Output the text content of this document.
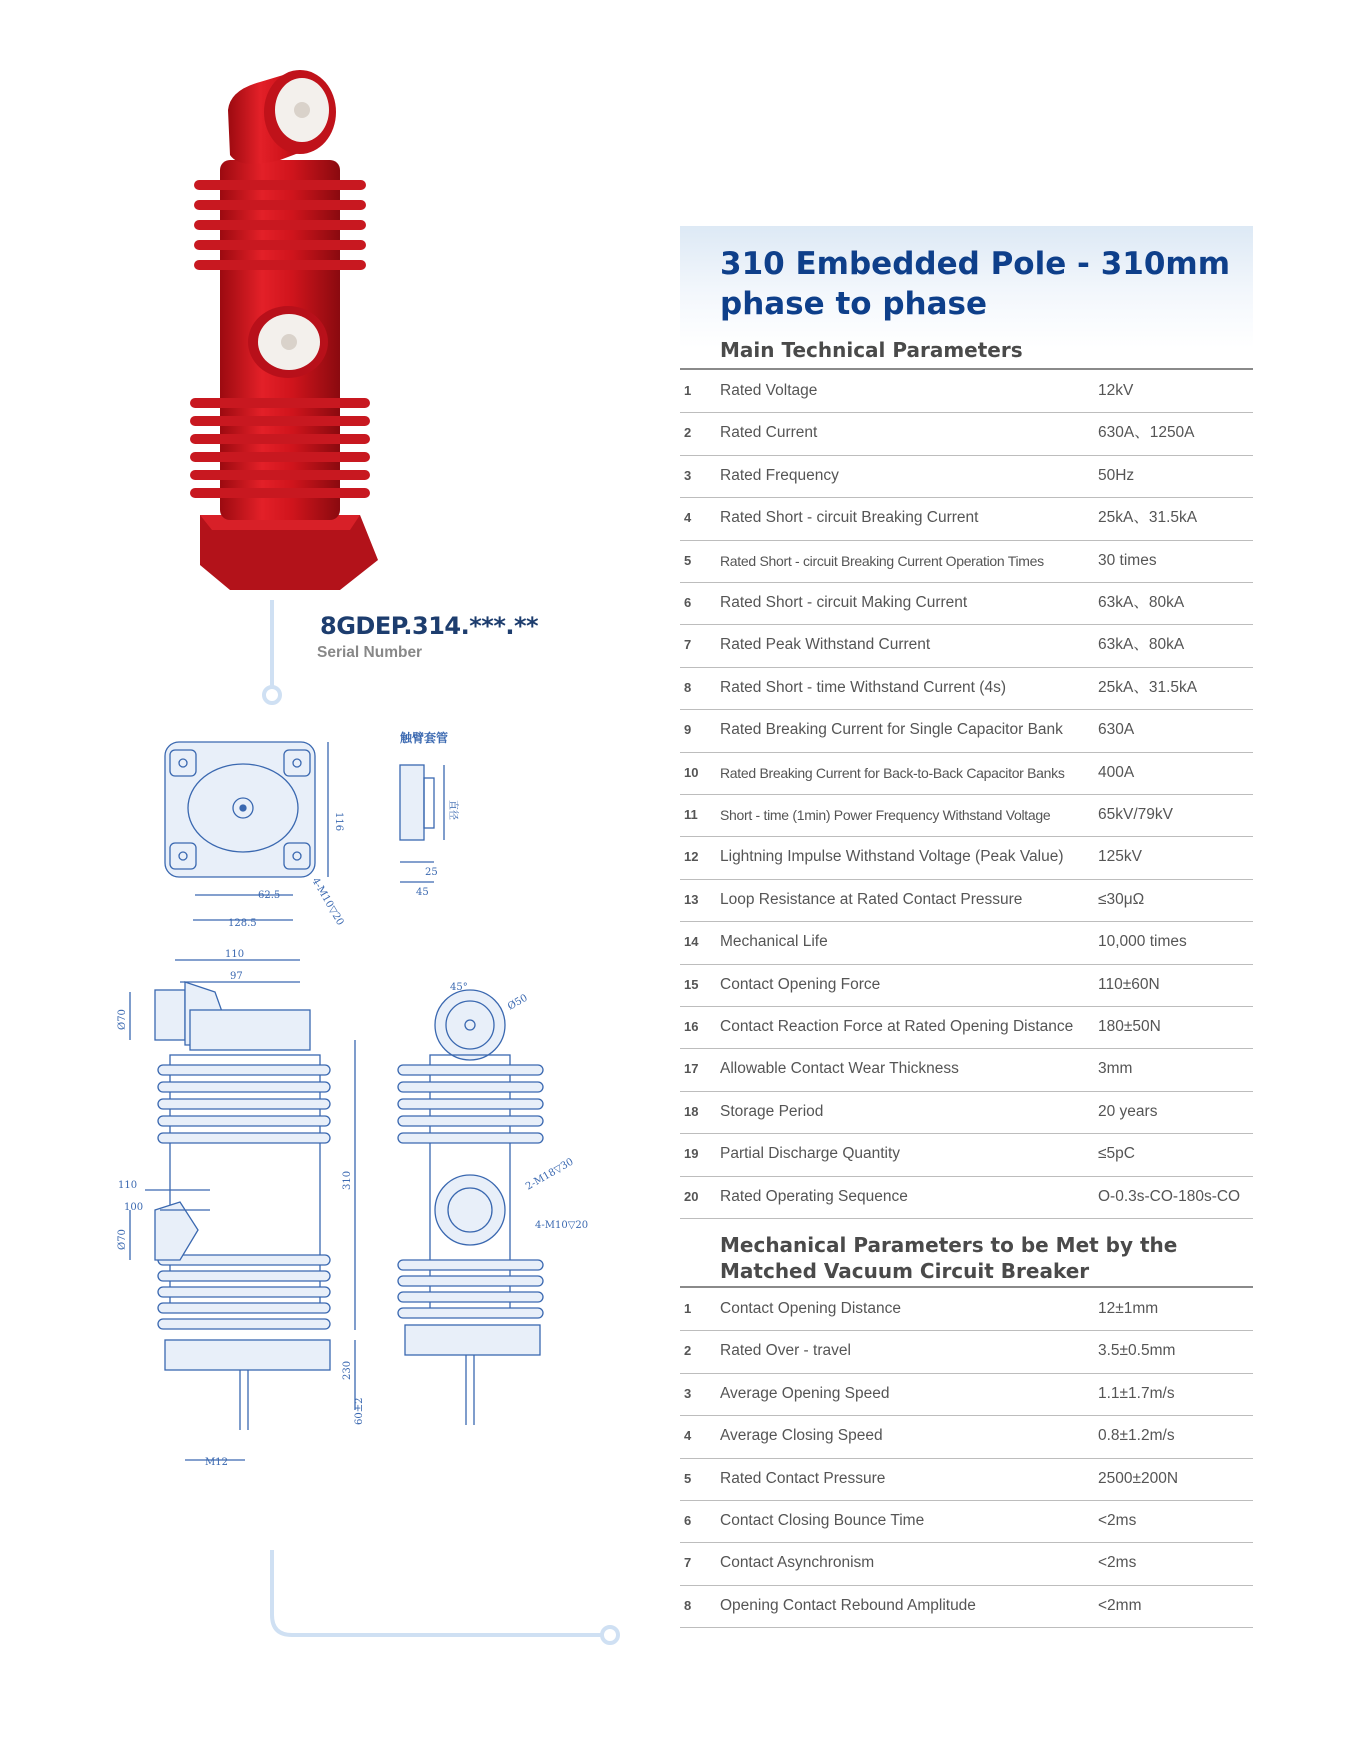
8GDEP.314.***.**
Serial Number
116
62.5
128.5	4-M10▽20
触臂套管
直径
25
45
110
97
Ø70
110
100
Ø70
310
230
60±2
M12
45°
Ø50
2-M18▽30
4-M10▽20
310 Embedded Pole - 310mm phase to phase
Main Technical Parameters
1 Rated Voltage	12kV
2 Rated Current	630A、1250A
3 Rated Frequency	50Hz
4 Rated Short - circuit Breaking Current	25kA、31.5kA
5 Rated Short - circuit Breaking Current Operation Times	30 times
6 Rated Short - circuit Making Current	63kA、80kA
7 Rated Peak Withstand Current	63kA、80kA
8 Rated Short - time Withstand Current (4s)	25kA、31.5kA
9 Rated Breaking Current for Single Capacitor Bank 630A
10 Rated Breaking Current for Back-to-Back Capacitor Banks 400A
11 Short - time (1min) Power Frequency Withstand Voltage	65kV/79kV
12 Lightning Impulse Withstand Voltage (Peak Value) 125kV
13 Loop Resistance at Rated Contact Pressure	≤30μΩ
14 Mechanical Life	10,000 times
15 Contact Opening Force	110±60N
16 Contact Reaction Force at Rated Opening Distance 180±50N
17 Allowable Contact Wear Thickness	3mm
18 Storage Period	20 years
19 Partial Discharge Quantity	≤5pC
20 Rated Operating Sequence	O-0.3s-CO-180s-CO
Mechanical Parameters to be Met by the Matched Vacuum Circuit Breaker
1 Contact Opening Distance	12±1mm
2 Rated Over - travel	3.5±0.5mm
3 Average Opening Speed	1.1±1.7m/s
4 Average Closing Speed	0.8±1.2m/s
5 Rated Contact Pressure	2500±200N
6 Contact Closing Bounce Time	<2ms
7 Contact Asynchronism	<2ms
8 Opening Contact Rebound Amplitude	<2mm
